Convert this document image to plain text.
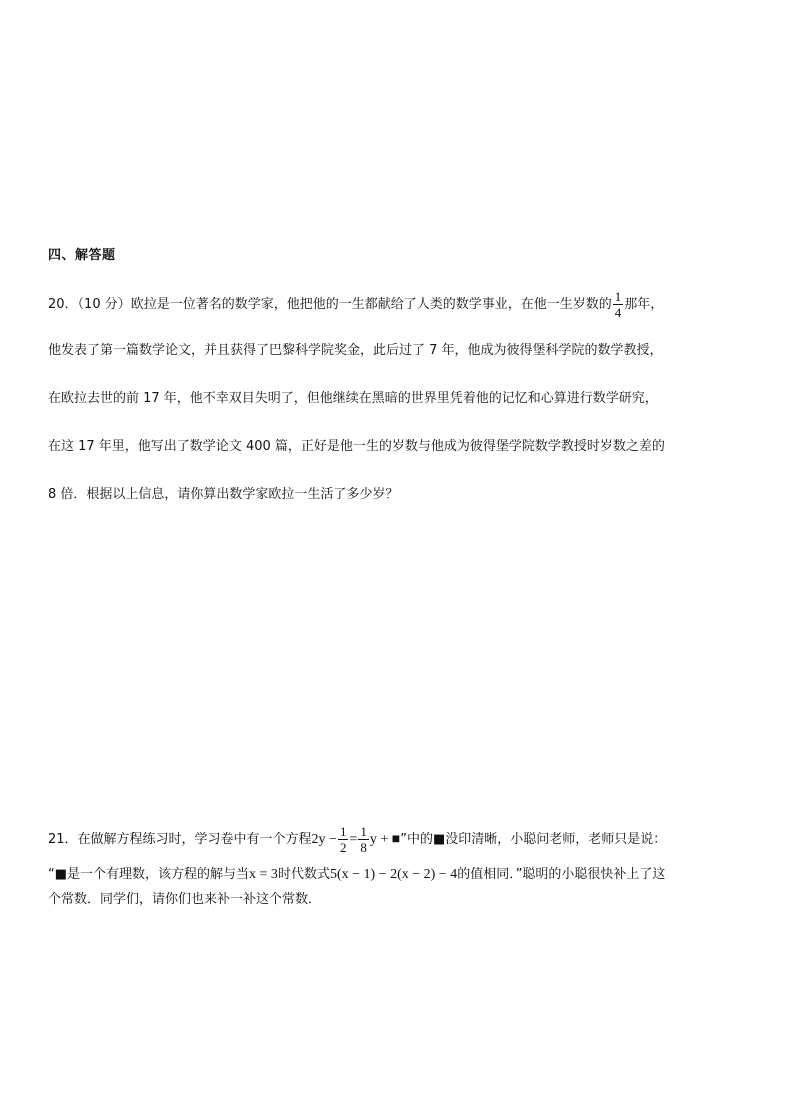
四、解答题
20．（10 分）欧拉是一位著名的数学家，他把他的一生都献给了人类的数学事业，在他一生岁数的 $\frac{1}{4}$ 那年，
他发表了第一篇数学论文，并且获得了巴黎科学院奖金，此后过了 7 年，他成为彼得堡科学院的数学教授，
在欧拉去世的前 17 年，他不幸双目失明了，但他继续在黑暗的世界里凭着他的记忆和心算进行数学研究，
在这 17 年里，他写出了数学论文 400 篇，正好是他一生的岁数与他成为彼得堡学院数学教授时岁数之差的
8 倍．根据以上信息，请你算出数学家欧拉一生活了多少岁？
21．在做解方程练习时，学习卷中有一个方程$2y - \frac{1}{2} = \frac{1}{8}$ y + ■”中的■没印清晰，小聪问老师，老师只是说：
“■是一个有理数，该方程的解与当x = 3时代数式5(x − 1) − 2(x − 2) − 4的值相同．”聪明的小聪很快补上了这
个常数．同学们，请你们也来补一补这个常数．
